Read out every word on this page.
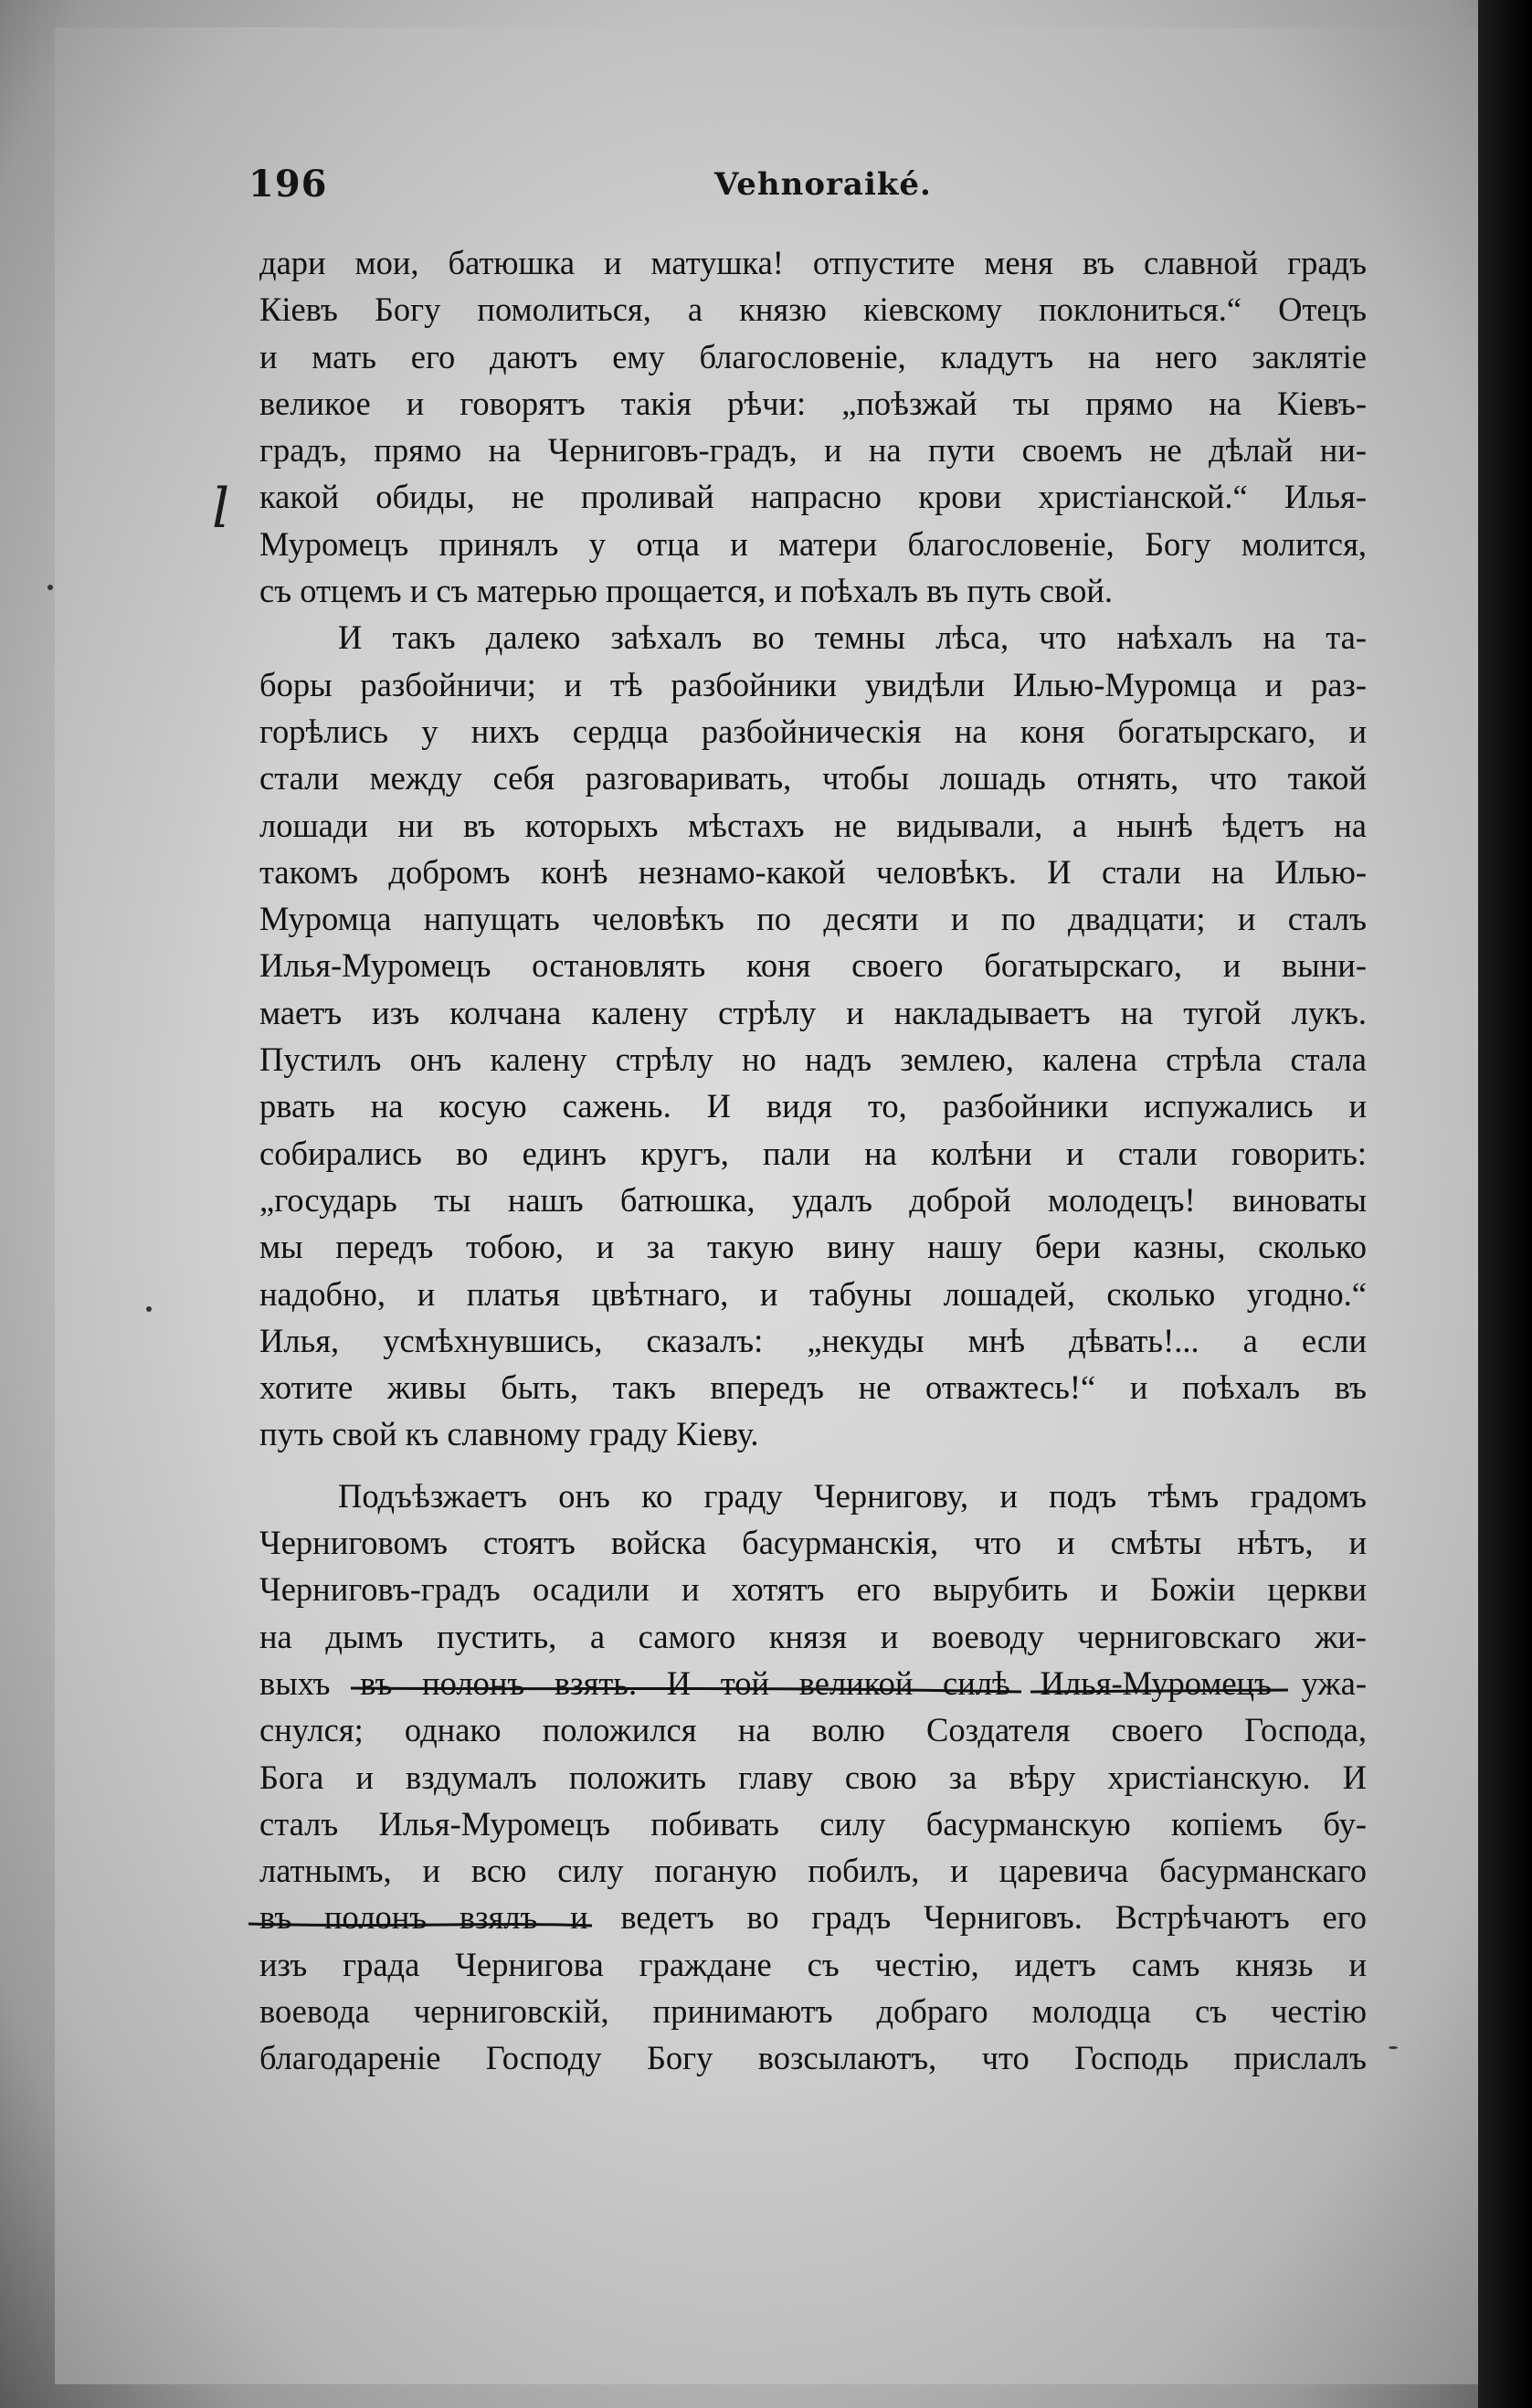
196	Vehnoraiké.
l
дари мои, батюшка и матушка! отпустите меня въ славной градъ
Кіевъ Богу помолиться, а князю кіевскому поклониться.“ Отецъ
и мать его даютъ ему благословеніе, кладутъ на него заклятіе
великое и говорятъ такія рѣчи: „поѣзжай ты прямо на Кіевъ-
градъ, прямо на Черниговъ-градъ, и на пути своемъ не дѣлай ни-
какой обиды, не проливай напрасно крови христіанской.“ Илья-
Муромецъ принялъ у отца и матери благословеніе, Богу молится,
съ отцемъ и съ матерью прощается, и поѣхалъ въ путь свой.
И такъ далеко заѣхалъ во темны лѣса, что наѣхалъ на та-
боры разбойничи; и тѣ разбойники увидѣли Илью-Муромца и раз-
горѣлись у нихъ сердца разбойническія на коня богатырскаго, и
стали между себя разговаривать, чтобы лошадь отнять, что такой
лошади ни въ которыхъ мѣстахъ не видывали, а нынѣ ѣдетъ на
такомъ добромъ конѣ незнамо-какой человѣкъ. И стали на Илью-
Муромца напущать человѣкъ по десяти и по двадцати; и сталъ
Илья-Муромецъ остановлять коня своего богатырскаго, и выни-
маетъ изъ колчана калену стрѣлу и накладываетъ на тугой лукъ.
Пустилъ онъ калену стрѣлу но надъ землею, калена стрѣла стала
рвать на косую сажень. И видя то, разбойники испужались и
собирались во единъ кругъ, пали на колѣни и стали говорить:
„государь ты нашъ батюшка, удалъ доброй молодецъ! виноваты
мы передъ тобою, и за такую вину нашу бери казны, сколько
надобно, и платья цвѣтнаго, и табуны лошадей, сколько угодно.“
Илья, усмѣхнувшись, сказалъ: „некуды мнѣ дѣвать!... а если
хотите живы быть, такъ впередъ не отважтесь!“ и поѣхалъ въ
путь свой къ славному граду Кіеву.
Подъѣзжаетъ онъ ко граду Чернигову, и подъ тѣмъ градомъ
Черниговомъ стоятъ войска басурманскія, что и смѣты нѣтъ, и
Черниговъ-градъ осадили и хотятъ его вырубить и Божіи церкви
на дымъ пустить, а самого князя и воеводу черниговскаго жи-
выхъ въ полонъ взять. И той великой силѣ Илья-Муромецъ ужа-
снулся; однако положился на волю Создателя своего Господа,
Бога и вздумалъ положить главу свою за вѣру христіанскую. И
сталъ Илья-Муромецъ побивать силу басурманскую копіемъ бу-
латнымъ, и всю силу поганую побилъ, и царевича басурманскаго
въ полонъ взялъ и ведетъ во градъ Черниговъ. Встрѣчаютъ его
изъ града Чернигова граждане съ честію, идетъ самъ князь и
воевода черниговскій, принимаютъ добраго молодца съ честію
благодареніе Господу Богу возсылаютъ, что Господь прислалъ
